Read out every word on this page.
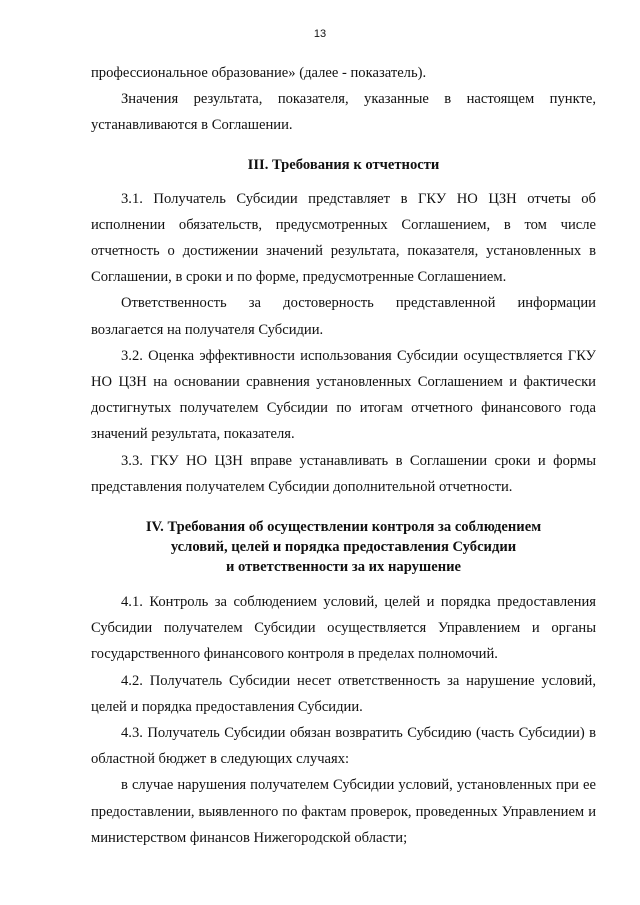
13

профессиональное образование» (далее - показатель).

Значения результата, показателя, указанные в настоящем пункте, устанавливаются в Соглашении.

III. Требования к отчетности

3.1. Получатель Субсидии представляет в ГКУ НО ЦЗН отчеты об исполнении обязательств, предусмотренных Соглашением, в том числе отчетность о достижении значений результата, показателя, установленных в Соглашении, в сроки и по форме, предусмотренные Соглашением.

Ответственность за достоверность представленной информации возлагается на получателя Субсидии.

3.2. Оценка эффективности использования Субсидии осуществляется ГКУ НО ЦЗН на основании сравнения установленных Соглашением и фактически достигнутых получателем Субсидии по итогам отчетного финансового года значений результата, показателя.

3.3. ГКУ НО ЦЗН вправе устанавливать в Соглашении сроки и формы представления получателем Субсидии дополнительной отчетности.

IV. Требования об осуществлении контроля за соблюдением
условий, целей и порядка предоставления Субсидии
и ответственности за их нарушение

4.1. Контроль за соблюдением условий, целей и порядка предоставления Субсидии получателем Субсидии осуществляется Управлением и органы государственного финансового контроля в пределах полномочий.

4.2. Получатель Субсидии несет ответственность за нарушение условий, целей и порядка предоставления Субсидии.

4.3. Получатель Субсидии обязан возвратить Субсидию (часть Субсидии) в областной бюджет в следующих случаях:

в случае нарушения получателем Субсидии условий, установленных при ее предоставлении, выявленного по фактам проверок, проведенных Управлением и министерством финансов Нижегородской области;
